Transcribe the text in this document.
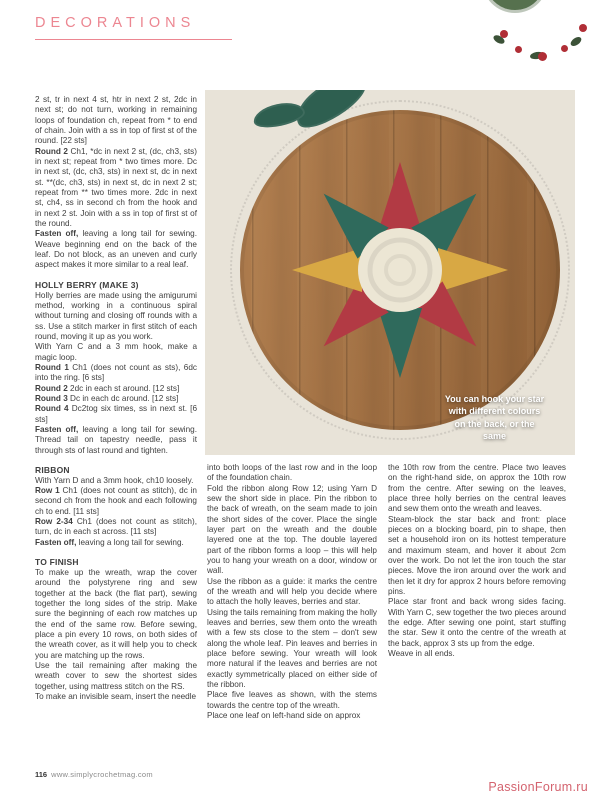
DECORATIONS
You can hook your star
with different colours
on the back, or the
same

2 st, tr in next 4 st, htr in next 2 st, 2dc in next st; do not turn, working in remaining loops of foundation ch, repeat from * to end of chain. Join with a ss in top of first st of the round. [22 sts]

Round 2 Ch1, *dc in next 2 st, (dc, ch3, sts) in next st; repeat from * two times more. Dc in next st, (dc, ch3, sts) in next st, dc in next st. **(dc, ch3, sts) in next st, dc in next 2 st; repeat from ** two times more. 2dc in next st, ch4, ss in second ch from the hook and in next 2 st. Join with a ss in top of first st of the round.

Fasten off, leaving a long tail for sewing. Weave beginning end on the back of the leaf. Do not block, as an uneven and curly aspect makes it more similar to a real leaf.

HOLLY BERRY (MAKE 3)

Holly berries are made using the amigurumi method, working in a continuous spiral without turning and closing off rounds with a ss. Use a stitch marker in first stitch of each round, moving it up as you work.

With Yarn C and a 3 mm hook, make a magic loop.

Round 1 Ch1 (does not count as sts), 6dc into the ring. [6 sts]

Round 2 2dc in each st around. [12 sts]

Round 3 Dc in each dc around. [12 sts]

Round 4 Dc2tog six times, ss in next st. [6 sts]

Fasten off, leaving a long tail for sewing. Thread tail on tapestry needle, pass it through sts of last round and tighten.

RIBBON

With Yarn D and a 3mm hook, ch10 loosely.

Row 1 Ch1 (does not count as stitch), dc in second ch from the hook and each following ch to end. [11 sts]

Row 2-34 Ch1 (does not count as stitch), turn, dc in each st across. [11 sts]

Fasten off, leaving a long tail for sewing.

TO FINISH

To make up the wreath, wrap the cover around the polystyrene ring and sew together at the back (the flat part), sewing together the long sides of the strip. Make sure the beginning of each row matches up the end of the same row. Before sewing, place a pin every 10 rows, on both sides of the wreath cover, as it will help you to check you are matching up the rows.

Use the tail remaining after making the wreath cover to sew the shortest sides together, using mattress stitch on the RS.

To make an invisible seam, insert the needle

into both loops of the last row and in the loop of the foundation chain.

Fold the ribbon along Row 12; using Yarn D sew the short side in place. Pin the ribbon to the back of wreath, on the seam made to join the short sides of the cover. Place the single layer part on the wreath and the double layered one at the top. The double layered part of the ribbon forms a loop – this will help you to hang your wreath on a door, window or wall.

Use the ribbon as a guide: it marks the centre of the wreath and will help you decide where to attach the holly leaves, berries and star.

Using the tails remaining from making the holly leaves and berries, sew them onto the wreath with a few sts close to the stem – don't sew along the whole leaf. Pin leaves and berries in place before sewing. Your wreath will look more natural if the leaves and berries are not exactly symmetrically placed on either side of the ribbon.

Place five leaves as shown, with the stems towards the centre top of the wreath.

Place one leaf on left-hand side on approx

the 10th row from the centre. Place two leaves on the right-hand side, on approx the 10th row from the centre. After sewing on the leaves, place three holly berries on the central leaves and sew them onto the wreath and leaves.

Steam-block the star back and front: place pieces on a blocking board, pin to shape, then set a household iron on its hottest temperature and maximum steam, and hover it about 2cm over the work. Do not let the iron touch the star pieces. Move the iron around over the work and then let it dry for approx 2 hours before removing pins.

Place star front and back wrong sides facing. With Yarn C, sew together the two pieces around the edge. After sewing one point, start stuffing the star. Sew it onto the centre of the wreath at the back, approx 3 sts up from the edge.

Weave in all ends.

116 www.simplycrochetmag.com
PassionForum.ru
